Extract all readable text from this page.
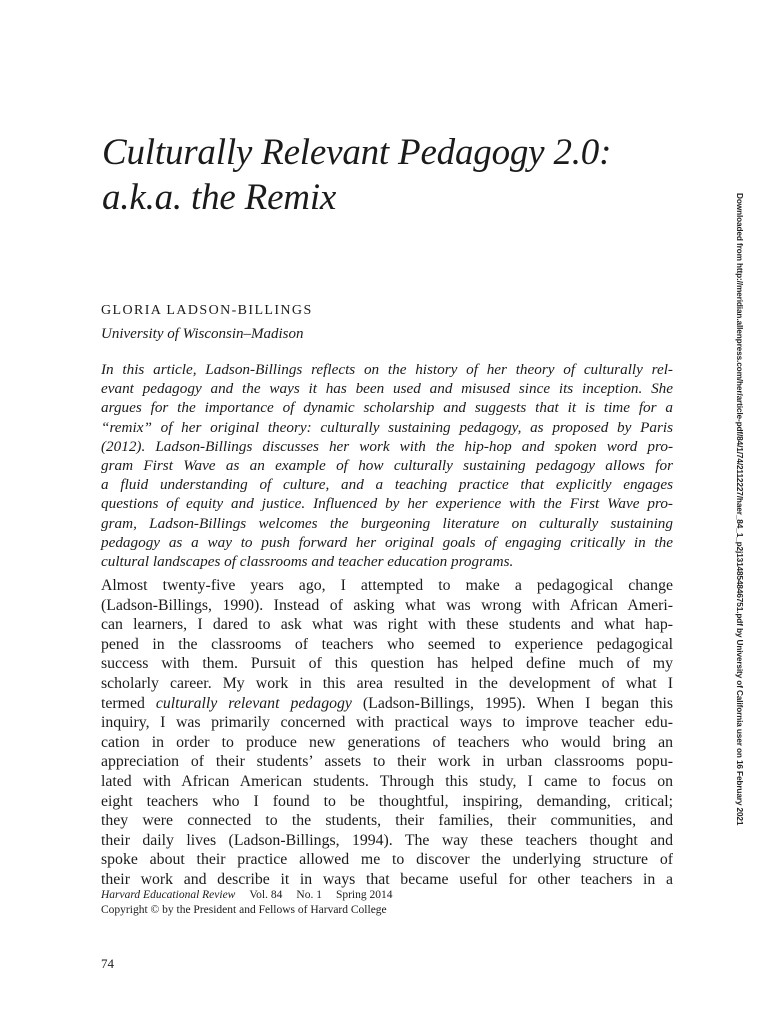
Culturally Relevant Pedagogy 2.0:
a.k.a. the Remix
GLORIA LADSON-BILLINGS
University of Wisconsin–Madison
In this article, Ladson-Billings reflects on the history of her theory of culturally rel-
evant pedagogy and the ways it has been used and misused since its inception. She
argues for the importance of dynamic scholarship and suggests that it is time for a
“remix” of her original theory: culturally sustaining pedagogy, as proposed by Paris
(2012). Ladson-Billings discusses her work with the hip-hop and spoken word pro-
gram First Wave as an example of how culturally sustaining pedagogy allows for
a fluid understanding of culture, and a teaching practice that explicitly engages
questions of equity and justice. Influenced by her experience with the First Wave pro-
gram, Ladson-Billings welcomes the burgeoning literature on culturally sustaining
pedagogy as a way to push forward her original goals of engaging critically in the
cultural landscapes of classrooms and teacher education programs.
Almost twenty-five years ago, I attempted to make a pedagogical change
(Ladson-Billings, 1990). Instead of asking what was wrong with African Ameri-
can learners, I dared to ask what was right with these students and what hap-
pened in the classrooms of teachers who seemed to experience pedagogical
success with them. Pursuit of this question has helped define much of my
scholarly career. My work in this area resulted in the development of what I
termed culturally relevant pedagogy (Ladson-Billings, 1995). When I began this
inquiry, I was primarily concerned with practical ways to improve teacher edu-
cation in order to produce new generations of teachers who would bring an
appreciation of their students’ assets to their work in urban classrooms popu-
lated with African American students. Through this study, I came to focus on
eight teachers who I found to be thoughtful, inspiring, demanding, critical;
they were connected to the students, their families, their communities, and
their daily lives (Ladson-Billings, 1994). The way these teachers thought and
spoke about their practice allowed me to discover the underlying structure of
their work and describe it in ways that became useful for other teachers in a
Harvard Educational Review Vol. 84 No. 1 Spring 2014
Copyright © by the President and Fellows of Harvard College
74
Downloaded from http://meridian.allenpress.com/her/article-pdf/84/1/74/2112227/haer_84_1_p2j1314854846751.pdf by University of California user on 16 February 2021
